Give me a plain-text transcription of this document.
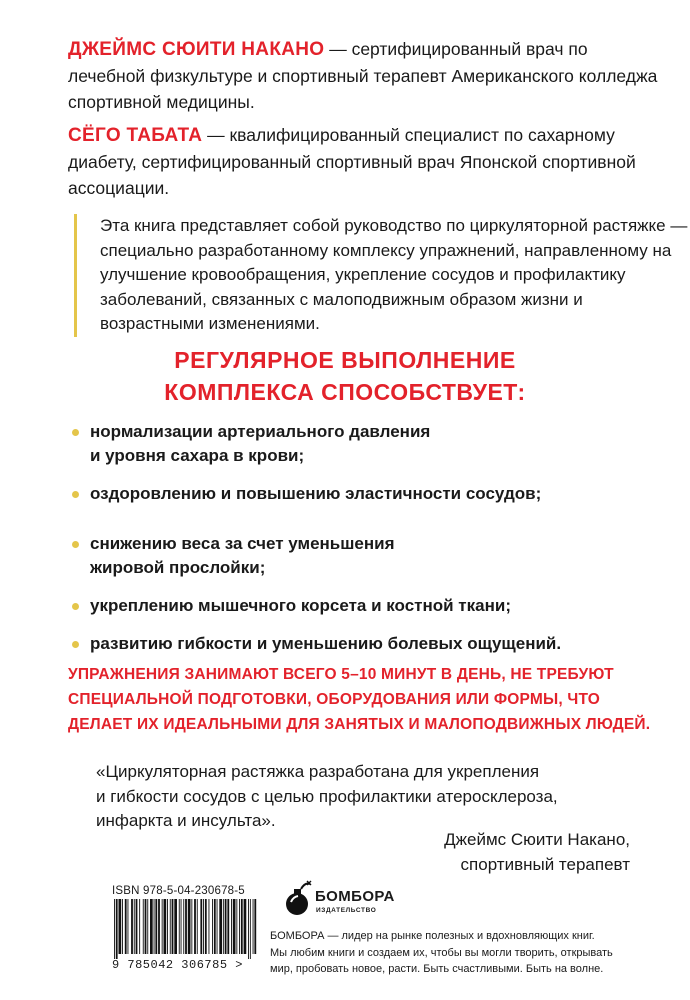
ДЖЕЙМС СЮИТИ НАКАНО — сертифицированный врач по лечебной физкультуре и спортивный терапевт Американского колледжа спортивной медицины.
СЁГО ТАБАТА — квалифицированный специалист по сахарному диабету, сертифицированный спортивный врач Японской спортивной ассоциации.
Эта книга представляет собой руководство по циркуляторной растяжке — специально разработанному комплексу упражнений, направленному на улучшение кровообращения, укрепление сосудов и профилактику заболеваний, связанных с малоподвижным образом жизни и возрастными изменениями.
РЕГУЛЯРНОЕ ВЫПОЛНЕНИЕ
КОМПЛЕКСА СПОСОБСТВУЕТ:
нормализации артериального давления
и уровня сахара в крови;
оздоровлению и повышению эластичности сосудов;
снижению веса за счет уменьшения
жировой прослойки;
укреплению мышечного корсета и костной ткани;
развитию гибкости и уменьшению болевых ощущений.
УПРАЖНЕНИЯ ЗАНИМАЮТ ВСЕГО 5–10 МИНУТ В ДЕНЬ, НЕ ТРЕБУЮТ
СПЕЦИАЛЬНОЙ ПОДГОТОВКИ, ОБОРУДОВАНИЯ ИЛИ ФОРМЫ, ЧТО
ДЕЛАЕТ ИХ ИДЕАЛЬНЫМИ ДЛЯ ЗАНЯТЫХ И МАЛОПОДВИЖНЫХ ЛЮДЕЙ.
«Циркуляторная растяжка разработана для укрепления
и гибкости сосудов с целью профилактики атеросклероза,
инфаркта и инсульта».
Джеймс Сюити Накано,
спортивный терапевт
ISBN 978-5-04-230678-5
9 785042 306785 >
БОМБОРА
ИЗДАТЕЛЬСТВО
БОМБОРА — лидер на рынке полезных и вдохновляющих книг.
Мы любим книги и создаем их, чтобы вы могли творить, открывать
мир, пробовать новое, расти. Быть счастливыми. Быть на волне.
